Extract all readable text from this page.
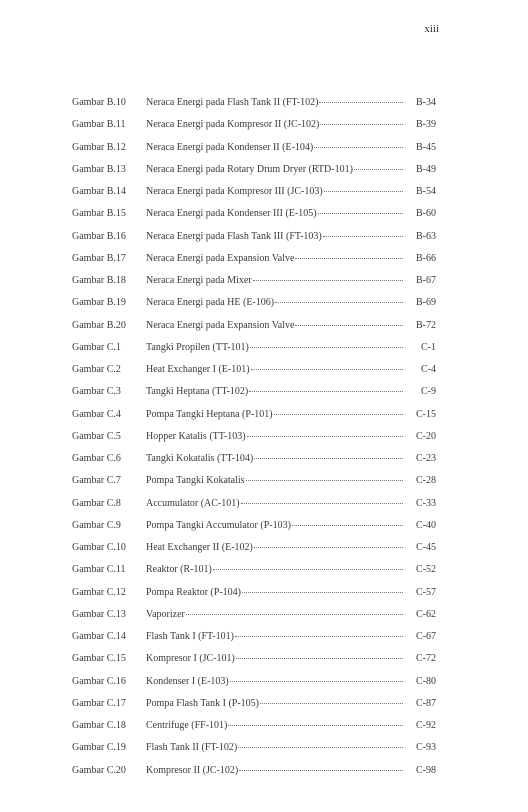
xiii
Gambar B.10	Neraca Energi pada Flash Tank II (FT-102)	B-34
Gambar B.11	Neraca Energi pada Kompresor II (JC-102)	B-39
Gambar B.12	Neraca Energi pada Kondenser II (E-104)	B-45
Gambar B.13	Neraca Energi pada Rotary Drum Dryer (RTD-101)	B-49
Gambar B.14	Neraca Energi pada Kompresor III (JC-103)	B-54
Gambar B.15	Neraca Energi pada Kondenser III (E-105)	B-60
Gambar B.16	Neraca Energi pada Flash Tank III (FT-103)	B-63
Gambar B.17	Neraca Energi pada Expansion Valve	B-66
Gambar B.18	Neraca Energi pada Mixer	B-67
Gambar B.19	Neraca Energi pada HE (E-106)	B-69
Gambar B.20	Neraca Energi pada Expansion Valve	B-72
Gambar C.1	Tangki Propilen (TT-101)	C-1
Gambar C.2	Heat Exchanger I (E-101)	C-4
Gambar C.3	Tangki Heptana (TT-102)	C-9
Gambar C.4	Pompa Tangki Heptana (P-101)	C-15
Gambar C.5	Hopper Katalis (TT-103)	C-20
Gambar C.6	Tangki Kokatalis (TT-104)	C-23
Gambar C.7	Pompa Tangki Kokatalis	C-28
Gambar C.8	Accumulator (AC-101)	C-33
Gambar C.9	Pompa Tangki Accumulator (P-103)	C-40
Gambar C.10	Heat Exchanger II (E-102)	C-45
Gambar C.11	Reaktor (R-101)	C-52
Gambar C.12	Pompa Reaktor (P-104)	C-57
Gambar C.13	Vaporizer	C-62
Gambar C.14	Flash Tank I (FT-101)	C-67
Gambar C.15	Kompresor I (JC-101)	C-72
Gambar C.16	Kondenser I (E-103)	C-80
Gambar C.17	Pompa Flash Tank I (P-105)	C-87
Gambar C.18	Centrifuge (FF-101)	C-92
Gambar C.19	Flash Tank II (FT-102)	C-93
Gambar C.20	Kompresor II (JC-102)	C-98
